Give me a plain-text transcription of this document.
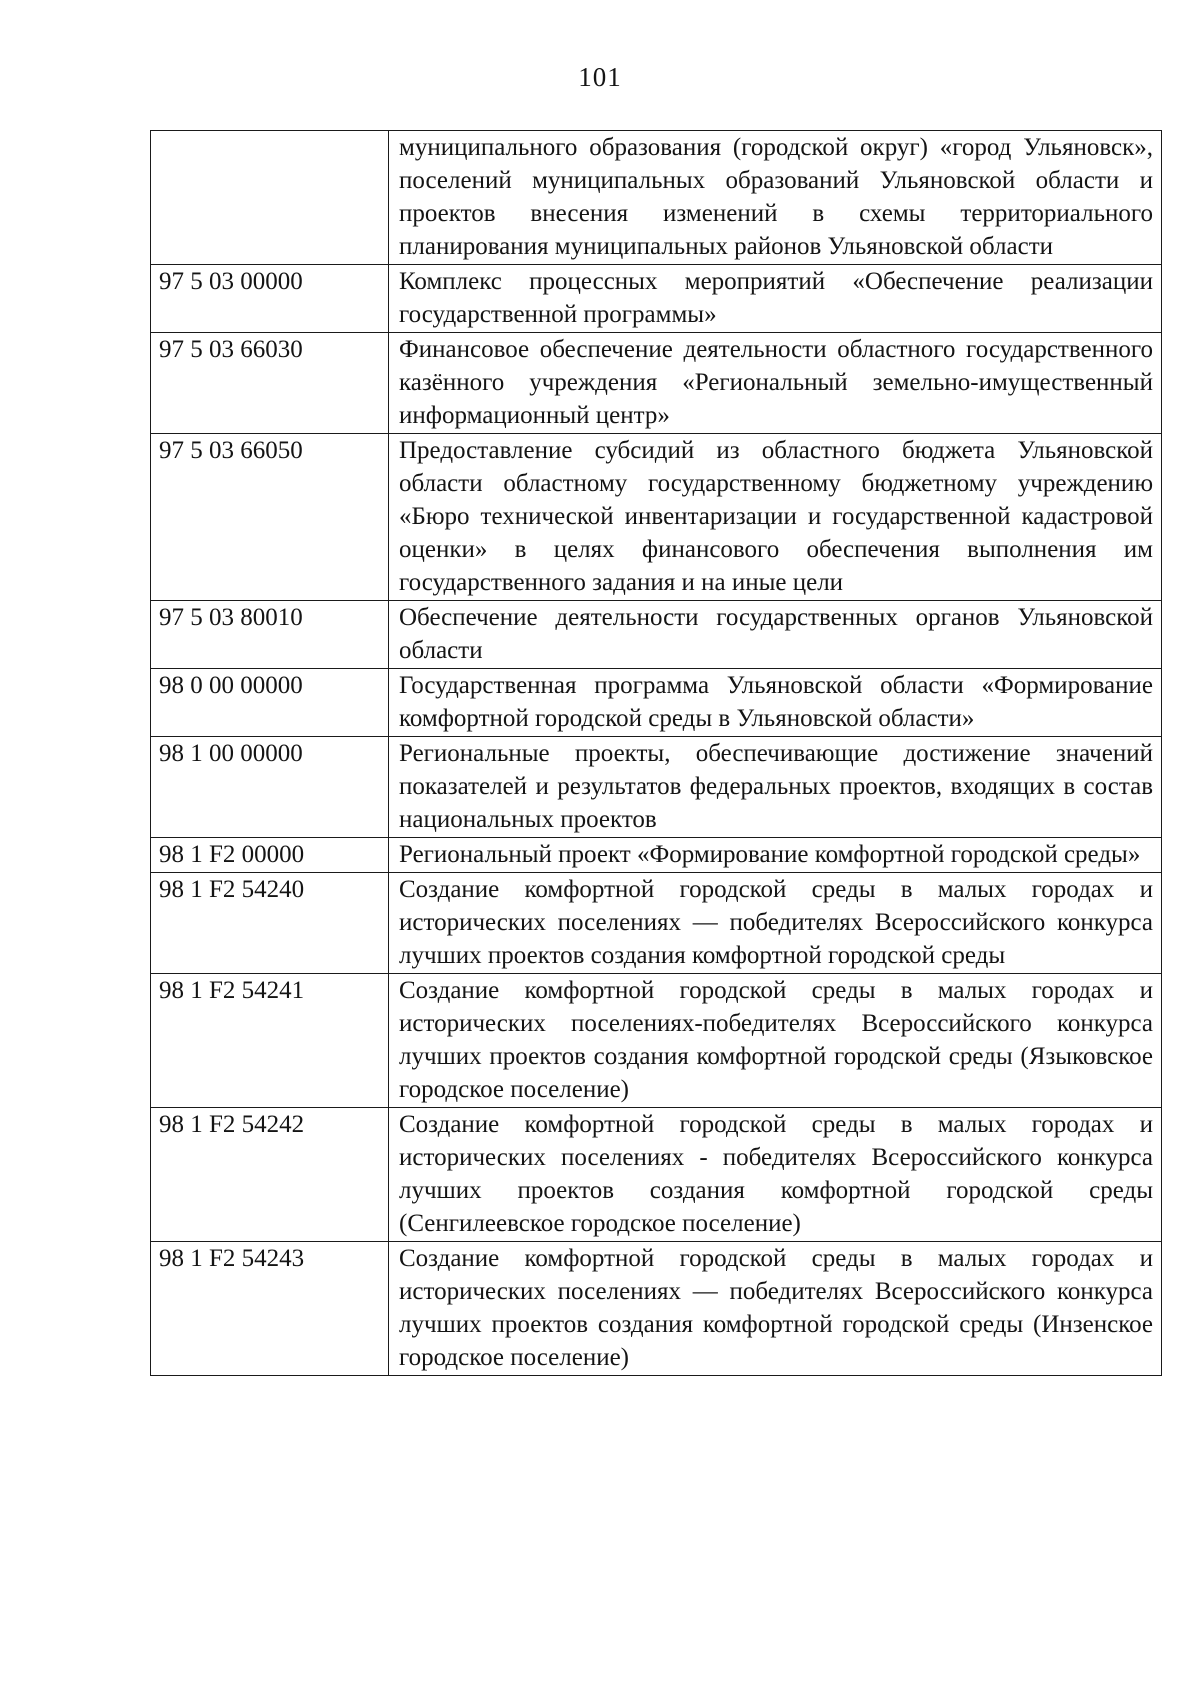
101
	муниципального образования (городской округ) «город Ульяновск», поселений муниципальных образований Ульяновской области и проектов внесения изменений в схемы территориального планирования муниципальных районов Ульяновской области
97 5 03 00000	Комплекс процессных мероприятий «Обеспечение реализации государственной программы»
97 5 03 66030	Финансовое обеспечение деятельности областного государственного казённого учреждения «Региональный земельно-имущественный информационный центр»
97 5 03 66050	Предоставление субсидий из областного бюджета Ульяновской области областному государственному бюджетному учреждению «Бюро технической инвентаризации и государственной кадастровой оценки» в целях финансового обеспечения выполнения им государственного задания и на иные цели
97 5 03 80010	Обеспечение деятельности государственных органов Ульяновской области
98 0 00 00000	Государственная программа Ульяновской области «Формирование комфортной городской среды в Ульяновской области»
98 1 00 00000	Региональные проекты, обеспечивающие достижение значений показателей и результатов федеральных проектов, входящих в состав национальных проектов
98 1 F2 00000	Региональный проект «Формирование комфортной городской среды»
98 1 F2 54240	Создание комфортной городской среды в малых городах и исторических поселениях — победителях Всероссийского конкурса лучших проектов создания комфортной городской среды
98 1 F2 54241	Создание комфортной городской среды в малых городах и исторических поселениях-победителях Всероссийского конкурса лучших проектов создания комфортной городской среды (Языковское городское поселение)
98 1 F2 54242	Создание комфортной городской среды в малых городах и исторических поселениях - победителях Всероссийского конкурса лучших проектов создания комфортной городской среды (Сенгилеевское городское поселение)
98 1 F2 54243	Создание комфортной городской среды в малых городах и исторических поселениях — победителях Всероссийского конкурса лучших проектов создания комфортной городской среды (Инзенское городское поселение)
